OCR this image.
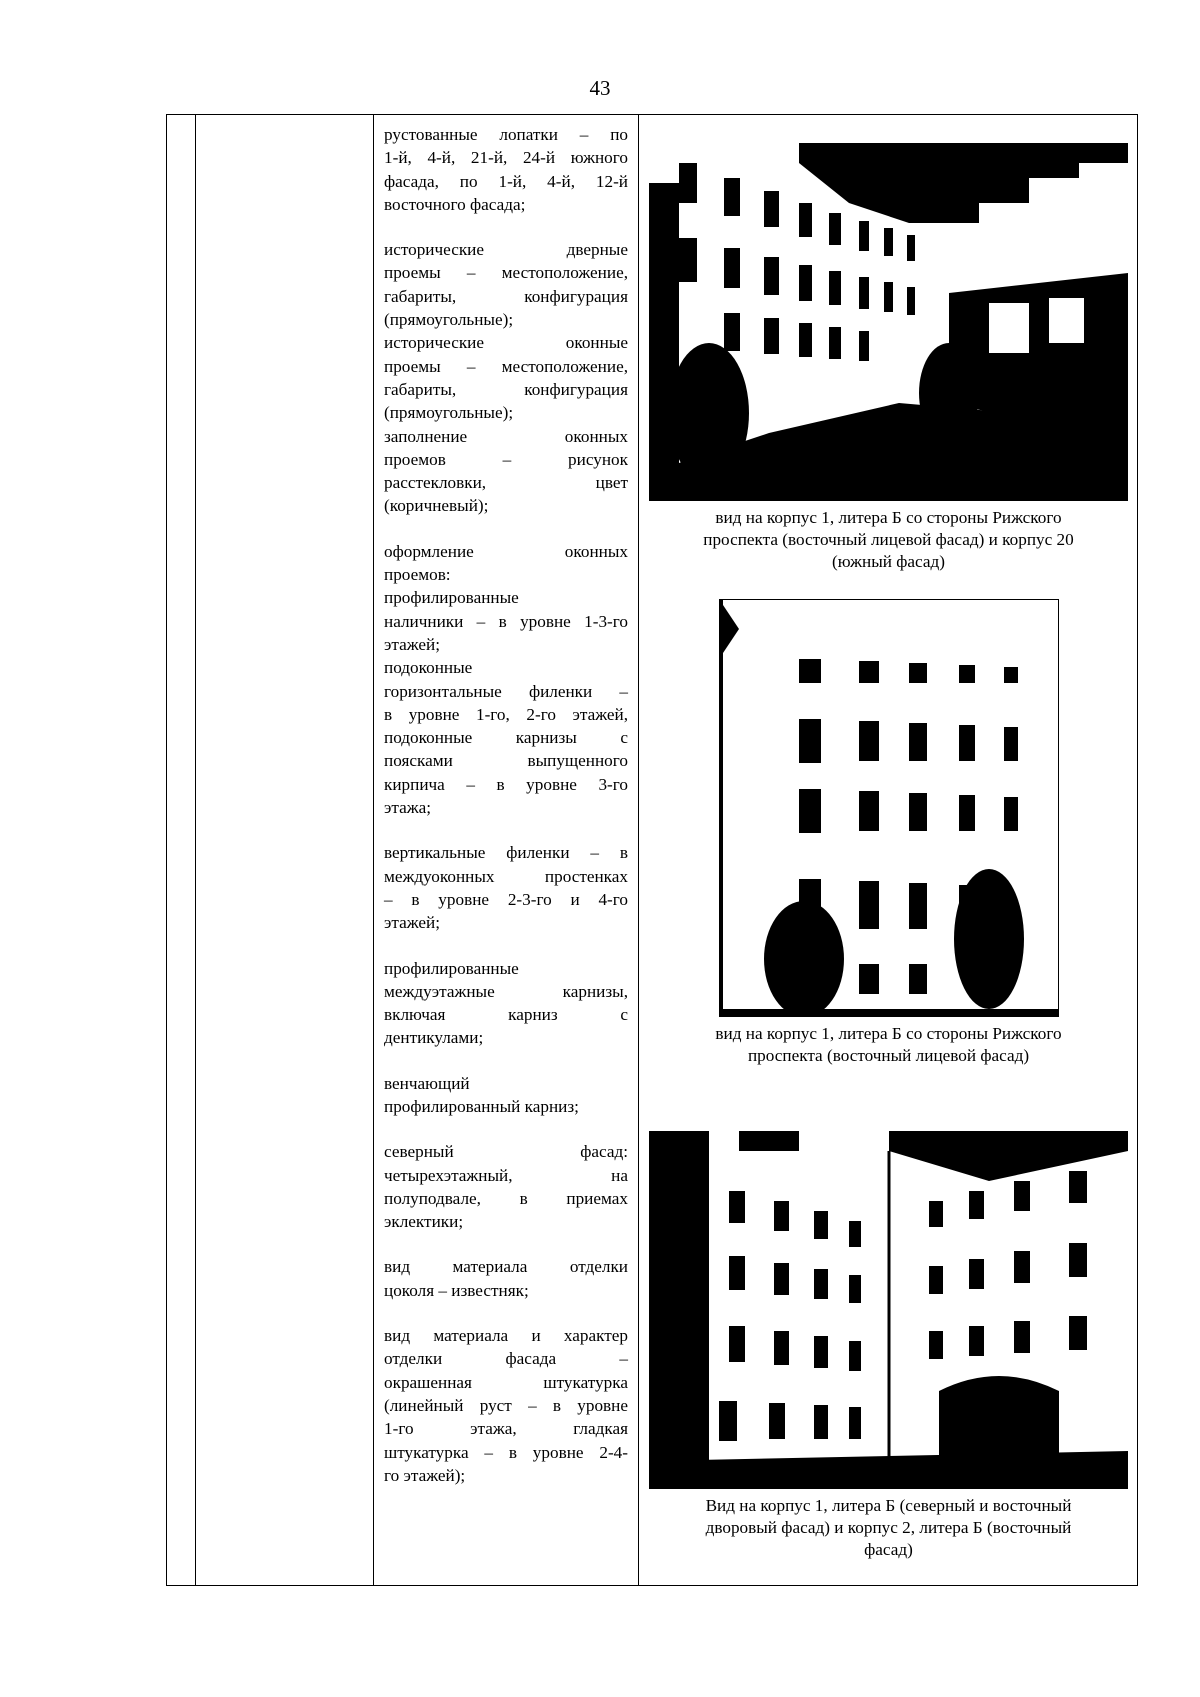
43

рустованные лопатки – по
1-й, 4-й, 21-й, 24-й южного
фасада, по 1-й, 4-й, 12-й
восточного фасада;

исторические дверные
проемы – местоположение,
габариты, конфигурация
(прямоугольные);
исторические оконные
проемы – местоположение,
габариты, конфигурация
(прямоугольные);
заполнение оконных
проемов – рисунок
расстекловки, цвет
(коричневый);

оформление оконных
проемов:
профилированные
наличники – в уровне 1-3-го
этажей;
подоконные
горизонтальные филенки –
в уровне 1-го, 2-го этажей,
подоконные карнизы с
поясками выпущенного
кирпича – в уровне 3-го
этажа;

вертикальные филенки – в
междуоконных простенках
– в уровне 2-3-го и 4-го
этажей;

профилированные
междуэтажные карнизы,
включая карниз с
дентикулами;

венчающий
профилированный карниз;

северный фасад:
четырехэтажный, на
полуподвале, в приемах
эклектики;

вид материала отделки
цоколя – известняк;

вид материала и характер
отделки фасада –
окрашенная штукатурка
(линейный руст – в уровне
1-го этажа, гладкая
штукатурка – в уровне 2-4-
го этажей);

вид на корпус 1, литера Б со стороны Рижского
проспекта (восточный лицевой фасад) и корпус 20
(южный фасад)
вид на корпус 1, литера Б со стороны Рижского
проспекта (восточный лицевой фасад)
Вид на корпус 1, литера Б (северный и восточный
дворовый фасад) и корпус 2, литера Б (восточный
фасад)
